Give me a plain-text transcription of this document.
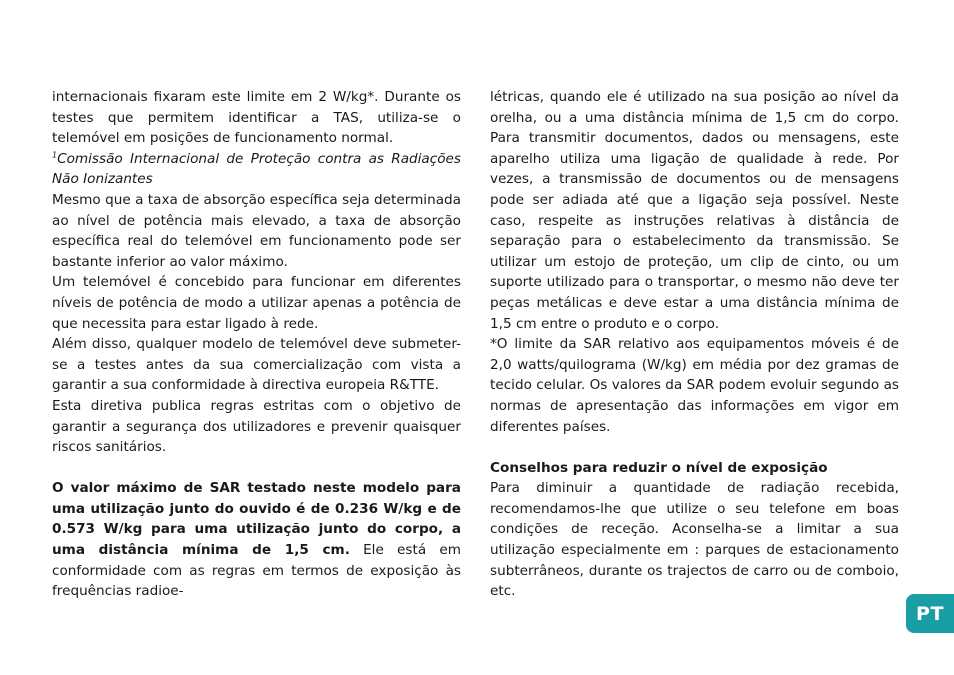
internacionais fixaram este limite em 2 W/kg*. Durante os testes que permitem identificar a TAS, utiliza-se o telemóvel em posições de funcionamento normal.

$^1$Comissão Internacional de Proteção contra as Radiações Não Ionizantes

Mesmo que a taxa de absorção específica seja determinada ao nível de potência mais elevado, a taxa de absorção específica real do telemóvel em funcionamento pode ser bastante inferior ao valor máximo.

Um telemóvel é concebido para funcionar em diferentes níveis de potência de modo a utilizar apenas a potência de que necessita para estar ligado à rede.

Além disso, qualquer modelo de telemóvel deve submeter-se a testes antes da sua comercialização com vista a garantir a sua conformidade à directiva europeia R&TTE.

Esta diretiva publica regras estritas com o objetivo de garantir a segurança dos utilizadores e prevenir quaisquer riscos sanitários.

O valor máximo de SAR testado neste modelo para uma utilização junto do ouvido é de 0.236 W/kg e de 0.573 W/kg para uma utilização junto do corpo, a uma distância mínima de 1,5 cm. Ele está em conformidade com as regras em termos de exposição às frequências radioe-

létricas, quando ele é utilizado na sua posição ao nível da orelha, ou a uma distância mínima de 1,5 cm do corpo. Para transmitir documentos, dados ou mensagens, este aparelho utiliza uma ligação de qualidade à rede. Por vezes, a transmissão de documentos ou de mensagens pode ser adiada até que a ligação seja possível. Neste caso, respeite as instruções relativas à distância de separação para o estabelecimento da transmissão. Se utilizar um estojo de proteção, um clip de cinto, ou um suporte utilizado para o transportar, o mesmo não deve ter peças metálicas e deve estar a uma distância mínima de 1,5 cm entre o produto e o corpo.

*O limite da SAR relativo aos equipamentos móveis é de 2,0 watts/quilograma (W/kg) em média por dez gramas de tecido celular. Os valores da SAR podem evoluir segundo as normas de apresentação das informações em vigor em diferentes países.

Conselhos para reduzir o nível de exposição

Para diminuir a quantidade de radiação recebida, recomendamos-lhe que utilize o seu telefone em boas condições de receção. Aconselha-se a limitar a sua utilização especialmente em : parques de estacionamento subterrâneos, durante os trajectos de carro ou de comboio, etc.

PT
